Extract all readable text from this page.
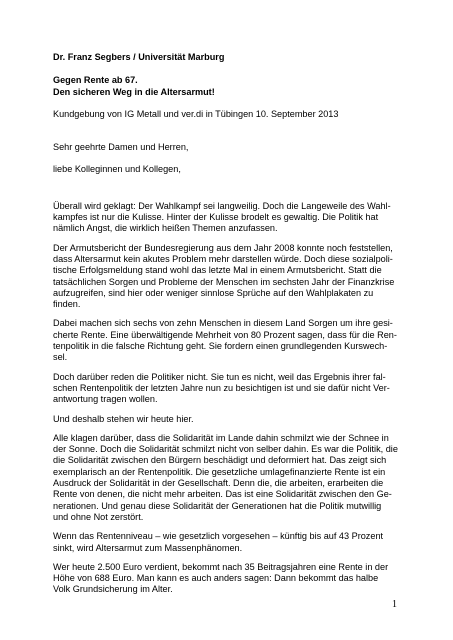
Dr. Franz Segbers / Universität Marburg

Gegen Rente ab 67.

Den sicheren Weg in die Altersarmut!

Kundgebung von IG Metall und ver.di in Tübingen 10. September 2013

Sehr geehrte Damen und Herren,

liebe Kolleginnen und Kollegen,

Überall wird geklagt: Der Wahlkampf sei langweilig. Doch die Langeweile des Wahl-
kampfes ist nur die Kulisse. Hinter der Kulisse brodelt es gewaltig. Die Politik hat
nämlich Angst, die wirklich heißen Themen anzufassen.

Der Armutsbericht der Bundesregierung aus dem Jahr 2008 konnte noch feststellen,
dass Altersarmut kein akutes Problem mehr darstellen würde. Doch diese sozialpoli-
tische Erfolgsmeldung stand wohl das letzte Mal in einem Armutsbericht. Statt die
tatsächlichen Sorgen und Probleme der Menschen im sechsten Jahr der Finanzkrise
aufzugreifen, sind hier oder weniger sinnlose Sprüche auf den Wahlplakaten zu
finden.

Dabei machen sich sechs von zehn Menschen in diesem Land Sorgen um ihre gesi-
cherte Rente. Eine überwältigende Mehrheit von 80 Prozent sagen, dass für die Ren-
tenpolitik in die falsche Richtung geht. Sie fordern einen grundlegenden Kurswech-
sel.

Doch darüber reden die Politiker nicht. Sie tun es nicht, weil das Ergebnis ihrer fal-
schen Rentenpolitik der letzten Jahre nun zu besichtigen ist und sie dafür nicht Ver-
antwortung tragen wollen.

Und deshalb stehen wir heute hier.

Alle klagen darüber, dass die Solidarität im Lande dahin schmilzt wie der Schnee in
der Sonne. Doch die Solidarität schmilzt nicht von selber dahin. Es war die Politik, die
die Solidarität zwischen den Bürgern beschädigt und deformiert hat. Das zeigt sich
exemplarisch an der Rentenpolitik. Die gesetzliche umlagefinanzierte Rente ist ein
Ausdruck der Solidarität in der Gesellschaft. Denn die, die arbeiten, erarbeiten die
Rente von denen, die nicht mehr arbeiten. Das ist eine Solidarität zwischen den Ge-
nerationen. Und genau diese Solidarität der Generationen hat die Politik mutwillig
und ohne Not zerstört.

Wenn das Rentenniveau – wie gesetzlich vorgesehen – künftig bis auf 43 Prozent
sinkt, wird Altersarmut zum Massenphänomen.

Wer heute 2.500 Euro verdient, bekommt nach 35 Beitragsjahren eine Rente in der
Höhe von 688 Euro. Man kann es auch anders sagen: Dann bekommt das halbe
Volk Grundsicherung im Alter.

1
